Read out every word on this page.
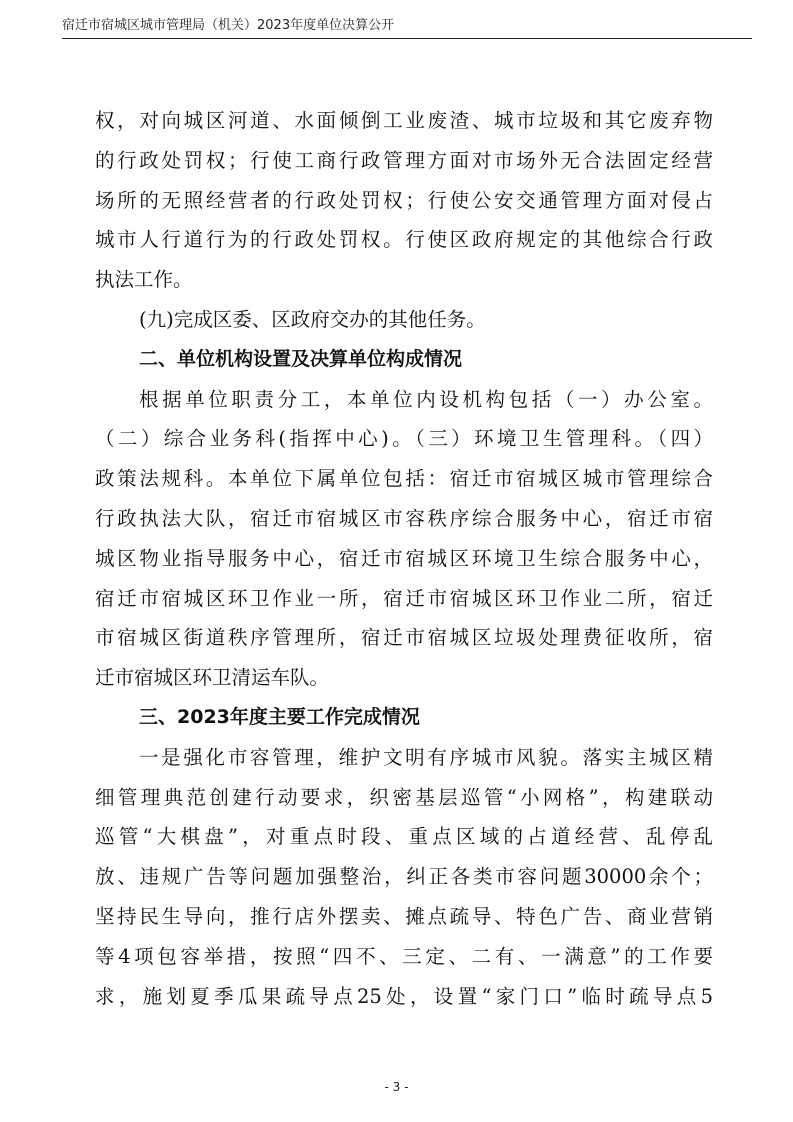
宿迁市宿城区城市管理局（机关）2023年度单位决算公开
权，对向城区河道、水面倾倒工业废渣、城市垃圾和其它废弃物
的行政处罚权；行使工商行政管理方面对市场外无合法固定经营
场所的无照经营者的行政处罚权；行使公安交通管理方面对侵占
城市人行道行为的行政处罚权。行使区政府规定的其他综合行政
执法工作。
(九)完成区委、区政府交办的其他任务。
二、单位机构设置及决算单位构成情况
根据单位职责分工，本单位内设机构包括（一）办公室。
（二）综合业务科(指挥中心)。（三）环境卫生管理科。（四）
政策法规科。本单位下属单位包括：宿迁市宿城区城市管理综合
行政执法大队，宿迁市宿城区市容秩序综合服务中心，宿迁市宿
城区物业指导服务中心，宿迁市宿城区环境卫生综合服务中心，
宿迁市宿城区环卫作业一所，宿迁市宿城区环卫作业二所，宿迁
市宿城区街道秩序管理所，宿迁市宿城区垃圾处理费征收所，宿
迁市宿城区环卫清运车队。
三、2023年度主要工作完成情况
一是强化市容管理，维护文明有序城市风貌。落实主城区精
细管理典范创建行动要求，织密基层巡管“小网格”，构建联动
巡管“大棋盘”，对重点时段、重点区域的占道经营、乱停乱
放、违规广告等问题加强整治，纠正各类市容问题30000余个；
坚持民生导向，推行店外摆卖、摊点疏导、特色广告、商业营销
等4项包容举措，按照“四不、三定、二有、一满意”的工作要
求，施划夏季瓜果疏导点25处，设置“家门口”临时疏导点5
- 3 -
